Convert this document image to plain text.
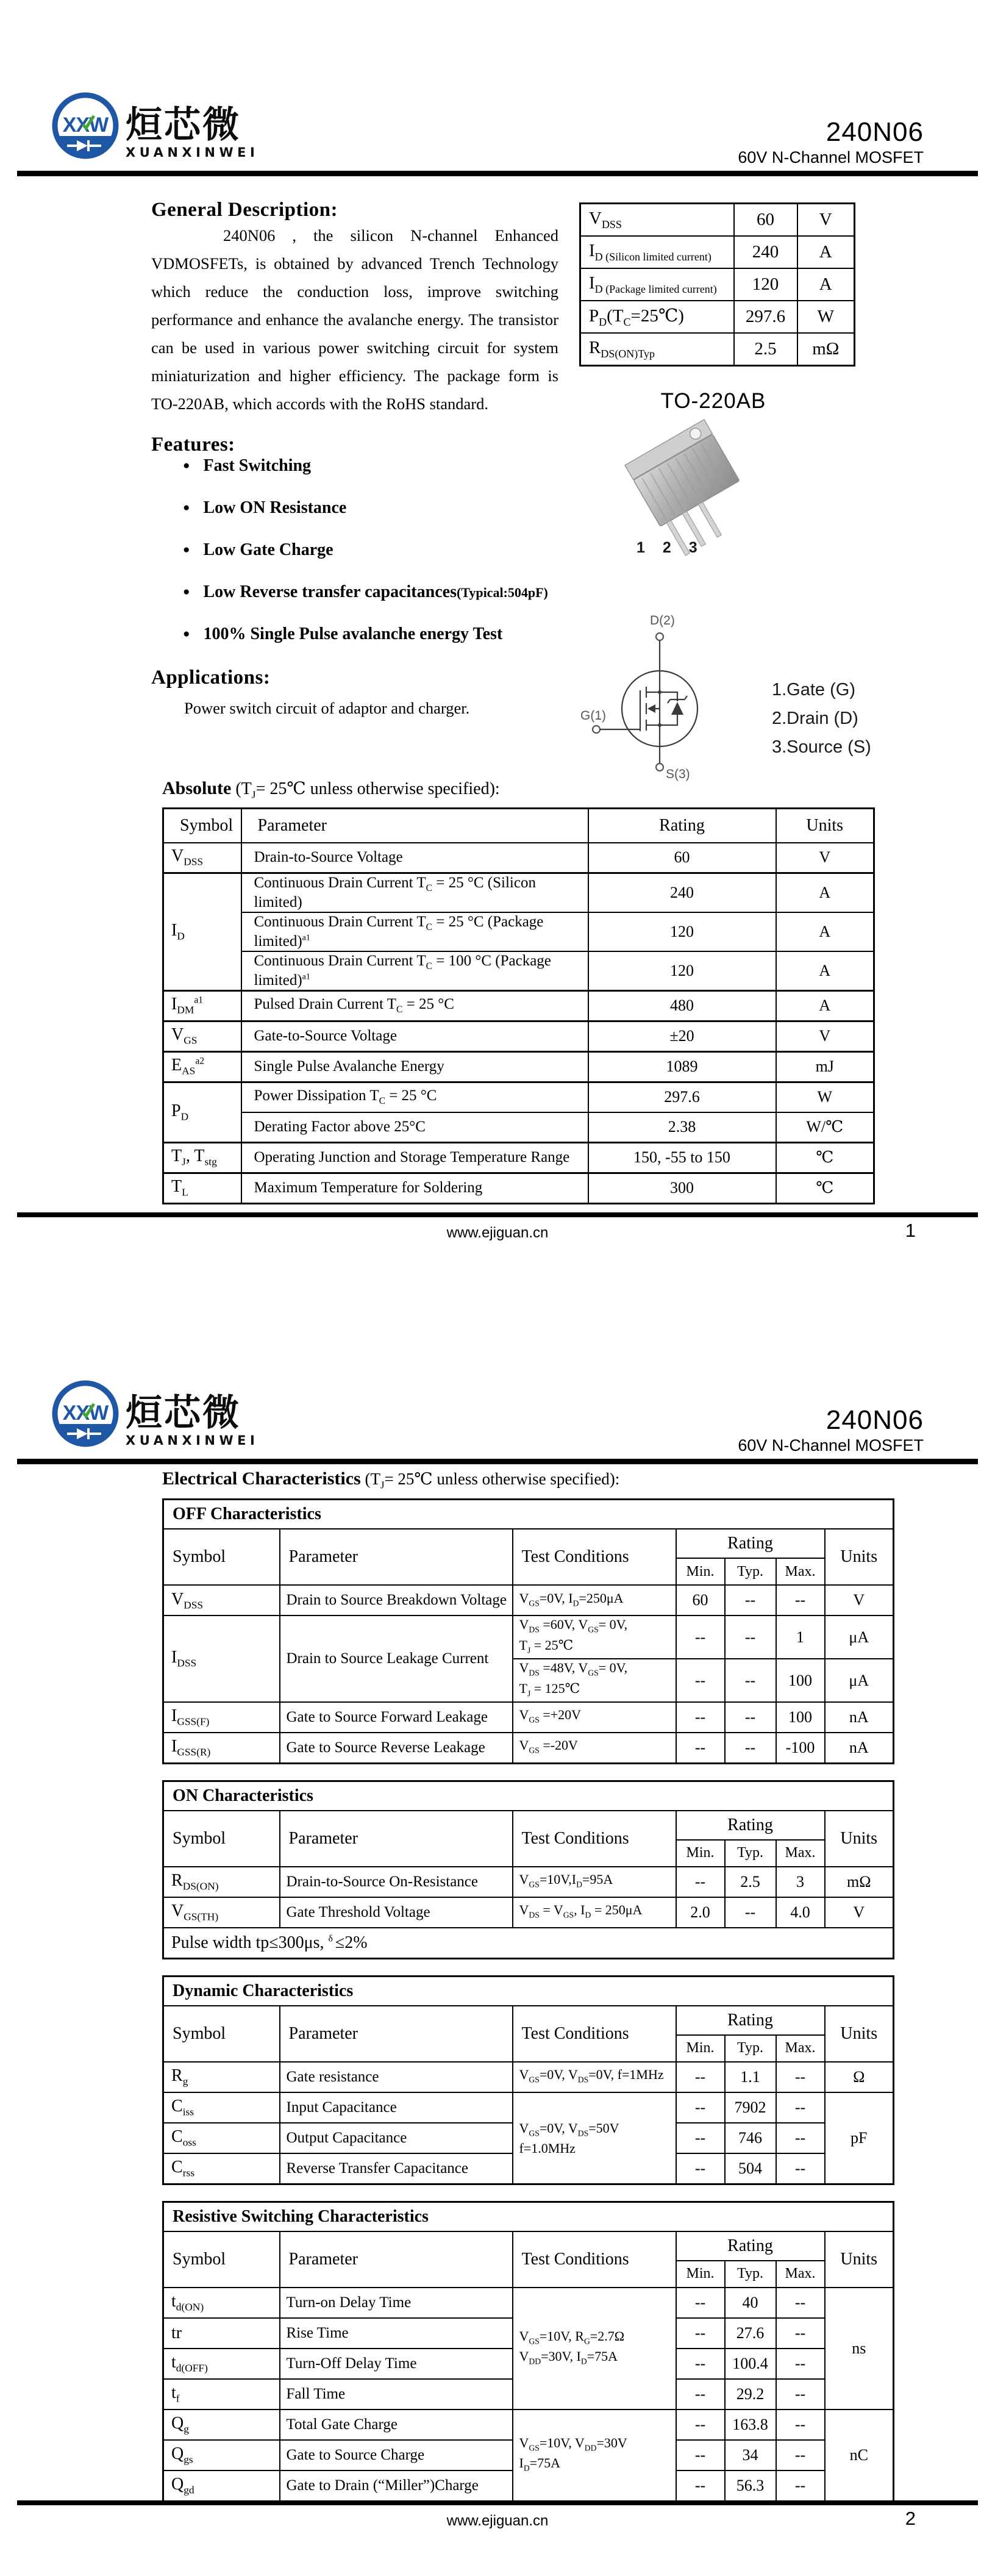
XXW 烜芯微
XUANXINWEI
240N06
60V N-Channel MOSFET
General Description:

240N06 , the silicon N-channel Enhanced VDMOSFETs, is obtained by advanced Trench Technology which reduce the conduction loss, improve switching performance and enhance the avalanche energy. The transistor can be used in various power switching circuit for system miniaturization and higher efficiency. The package form is TO-220AB, which accords with the RoHS standard.

Features:
● Fast Switching
● Low ON Resistance
● Low Gate Charge
● Low Reverse transfer capacitances(Typical:504pF)
● 100% Single Pulse avalanche energy Test
Applications:

Power switch circuit of adaptor and charger.

$V_{DSS}$	60	V
$I_D$ $_{(Silicon limited current)}$	240	A
$I_D$ $_{(Package limited current)}$	120	A
$P_D(T_C=25℃)$	297.6	W
$R_{DS(ON)Typ}$	2.5	mΩ
TO-220AB
1 2 3
D(2)
G(1)
S(3)
1.Gate (G)
2.Drain (D)
3.Source (S)
Absolute ($T_J=$ 25℃ unless otherwise specified):
Symbol	Parameter	Rating	Units
$V_{DSS}$	Drain-to-Source Voltage	60	V
$I_D$	Continuous Drain Current $T_C = 25$ °C (Silicon limited)	240	A
	Continuous Drain Current $T_C = 25$ °C (Package limited)$^{a1}$	120	A
	Continuous Drain Current $T_C = 100$ °C (Package limited)$^{a1}$	120	A
$I_{DM}^{a1}$	Pulsed Drain Current $T_C = 25$ °C	480	A
$V_{GS}$	Gate-to-Source Voltage	±20	V
$E_{AS}^{a2}$	Single Pulse Avalanche Energy	1089	mJ
$P_D$	Power Dissipation $T_C = 25$ °C	297.6	W
	Derating Factor above 25°C	2.38	W/℃
$T_J$, $T_{stg}$	Operating Junction and Storage Temperature Range	150, -55 to 150	℃
$T_L$	Maximum Temperature for Soldering	300	℃
www.ejiguan.cn	1
XXW 烜芯微
XUANXINWEI
240N06
60V N-Channel MOSFET
Electrical Characteristics ($T_J=$ 25℃ unless otherwise specified):
OFF Characteristics						
Symbol	Parameter	Test Conditions	Rating			Units
			Min.	Typ.	Max.	
$V_{DSS}$	Drain to Source Breakdown Voltage	$V_{GS}=0V$, $I_D=250\mu A$	60	--	--	V
$I_{DSS}$	Drain to Source Leakage Current	$V_{DS} =60V$, $V_{GS}= 0V$,
$T_J$ = 25℃	--	--	1	μA

		$V_{DS} =48V$, $V_{GS}= 0V$,
$T_J$ = 125℃	--	--	100	μA
$I_{GSS(F)}$	Gate to Source Forward Leakage	$V_{GS} =+20V$	--	--	100	nA
$I_{GSS(R)}$	Gate to Source Reverse Leakage	$V_{GS} =-20V$	--	--	-100	nA
ON Characteristics						
Symbol	Parameter	Test Conditions	Rating			Units
			Min.	Typ.	Max.	
$R_{DS(ON)}$	Drain-to-Source On-Resistance	$V_{GS}=10V,I_D=95A$	--	2.5	3	mΩ
$V_{GS(TH)}$	Gate Threshold Voltage	$V_{DS} = V_{GS}$, $I_D = 250\mu A$	2.0	--	4.0	V
Pulse width tp≤300μs, $^\delta$ ≤2%						
Dynamic Characteristics						
Symbol	Parameter	Test Conditions	Rating			Units
			Min.	Typ.	Max.	
$R_g$	Gate resistance	$V_{GS}=0V$, $V_{DS}=0V$, f=1MHz	--	1.1	--	Ω
$C_{iss}$	Input Capacitance	$V_{GS}=0V$, $V_{DS}=50V$
f=1.0MHz	--	7902	--	pF
$C_{oss}$	Output Capacitance		--	746	--	
$C_{rss}$	Reverse Transfer Capacitance		--	504	--	
Resistive Switching Characteristics						
Symbol	Parameter	Test Conditions	Rating			Units
			Min.	Typ.	Max.	
$t_{d(ON)}$	Turn-on Delay Time	$V_{GS}=10V$, $R_G=2.7\Omega$
$V_{DD}=30V$, $I_D=75A$	--	40	--	ns
tr	Rise Time		--	27.6	--	
$t_{d(OFF)}$	Turn-Off Delay Time		--	100.4	--	
$t_f$	Fall Time		--	29.2	--	
$Q_g$	Total Gate Charge	$V_{GS}=10V$, $V_{DD}=30V$
$I_D=75A$	--	163.8	--	nC
$Q_{gs}$	Gate to Source Charge		--	34	--	
$Q_{gd}$	Gate to Drain (“Miller”)Charge		--	56.3	--	
www.ejiguan.cn	2
